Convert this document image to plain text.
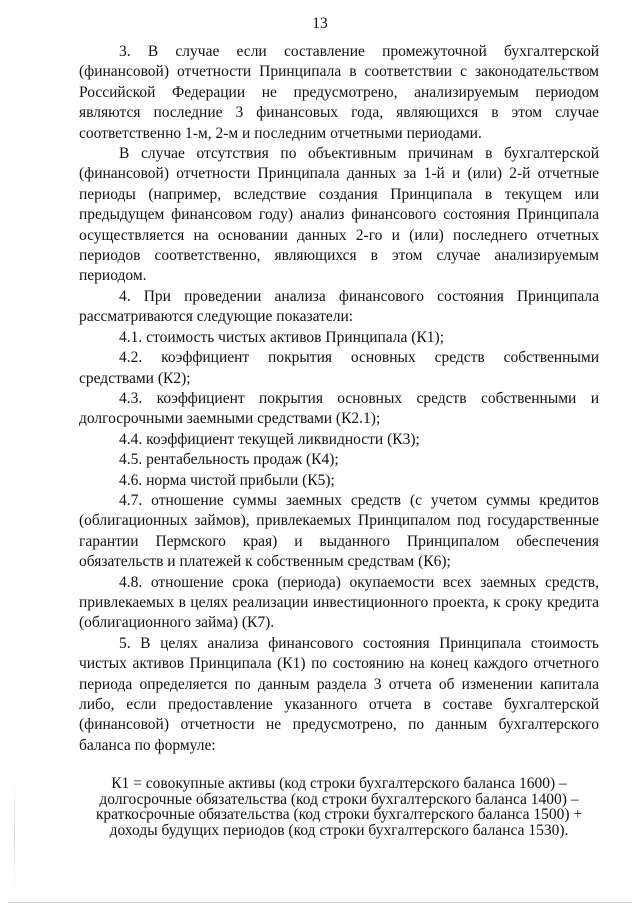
13

3. В случае если составление промежуточной бухгалтерской (финансовой) отчетности Принципала в соответствии с законодательством Российской Федерации не предусмотрено, анализируемым периодом являются последние 3 финансовых года, являющихся в этом случае соответственно 1-м, 2-м и последним отчетными периодами.

В случае отсутствия по объективным причинам в бухгалтерской (финансовой) отчетности Принципала данных за 1-й и (или) 2-й отчетные периоды (например, вследствие создания Принципала в текущем или предыдущем финансовом году) анализ финансового состояния Принципала осуществляется на основании данных 2-го и (или) последнего отчетных периодов соответственно, являющихся в этом случае анализируемым периодом.

4. При проведении анализа финансового состояния Принципала рассматриваются следующие показатели:

4.1. стоимость чистых активов Принципала (К1);

4.2. коэффициент покрытия основных средств собственными средствами (К2);

4.3. коэффициент покрытия основных средств собственными и долгосрочными заемными средствами (К2.1);

4.4. коэффициент текущей ликвидности (К3);

4.5. рентабельность продаж (К4);

4.6. норма чистой прибыли (К5);

4.7. отношение суммы заемных средств (с учетом суммы кредитов (облигационных займов), привлекаемых Принципалом под государственные гарантии Пермского края) и выданного Принципалом обеспечения обязательств и платежей к собственным средствам (К6);

4.8. отношение срока (периода) окупаемости всех заемных средств, привлекаемых в целях реализации инвестиционного проекта, к сроку кредита (облигационного займа) (К7).

5. В целях анализа финансового состояния Принципала стоимость чистых активов Принципала (К1) по состоянию на конец каждого отчетного периода определяется по данным раздела 3 отчета об изменении капитала либо, если предоставление указанного отчета в составе бухгалтерской (финансовой) отчетности не предусмотрено, по данным бухгалтерского баланса по формуле:

К1 = совокупные активы (код строки бухгалтерского баланса 1600) –
долгосрочные обязательства (код строки бухгалтерского баланса 1400) –
краткосрочные обязательства (код строки бухгалтерского баланса 1500) +
доходы будущих периодов (код строки бухгалтерского баланса 1530).
